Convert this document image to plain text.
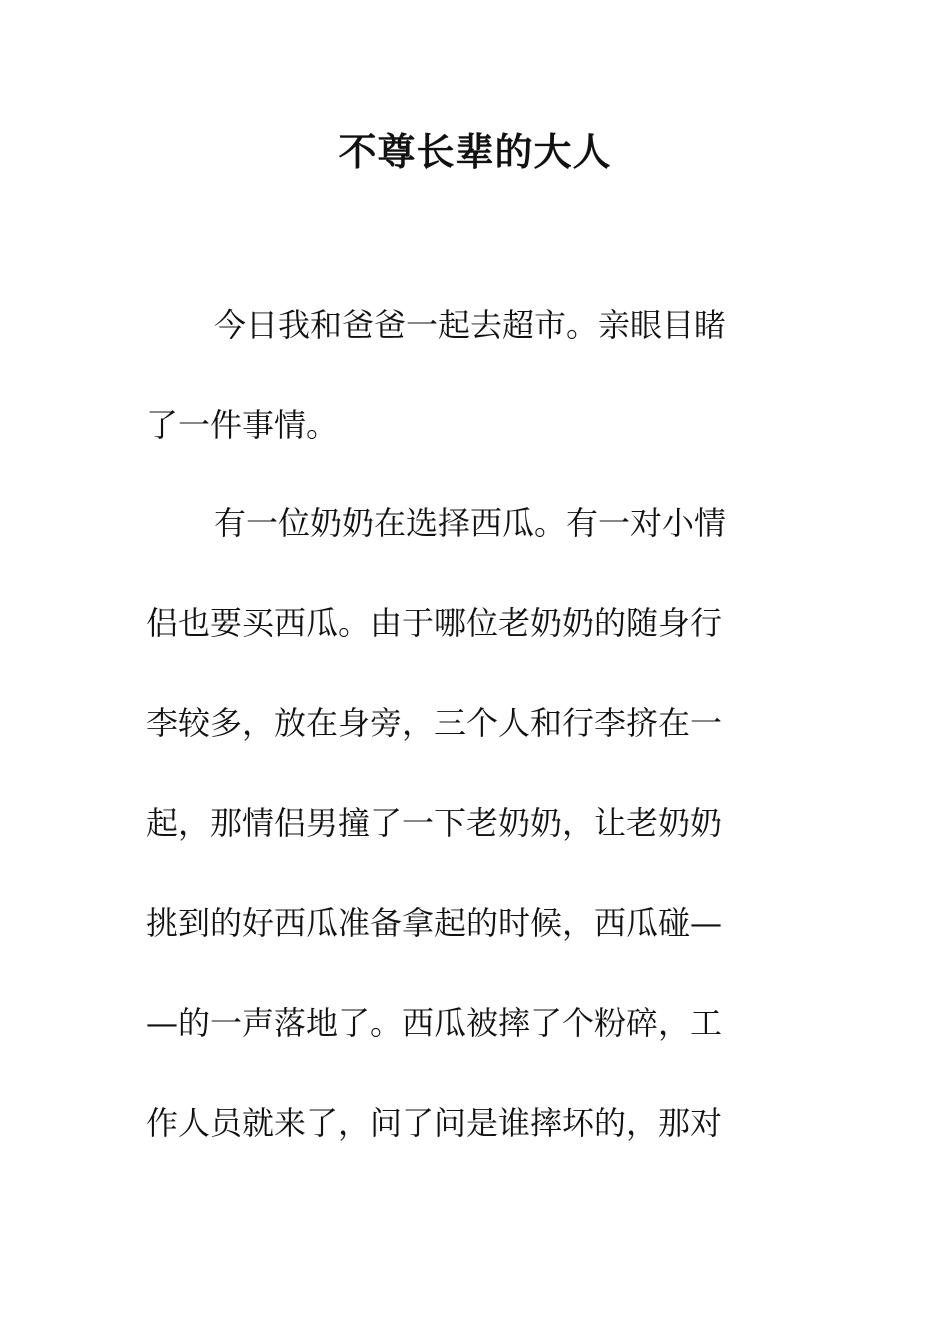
不尊长辈的大人
今日我和爸爸一起去超市。亲眼目睹
了一件事情。
有一位奶奶在选择西瓜。有一对小情
侣也要买西瓜。由于哪位老奶奶的随身行
李较多，放在身旁，三个人和行李挤在一
起，那情侣男撞了一下老奶奶，让老奶奶
挑到的好西瓜准备拿起的时候，西瓜碰—
—的一声落地了。西瓜被摔了个粉碎，工
作人员就来了，问了问是谁摔坏的，那对
